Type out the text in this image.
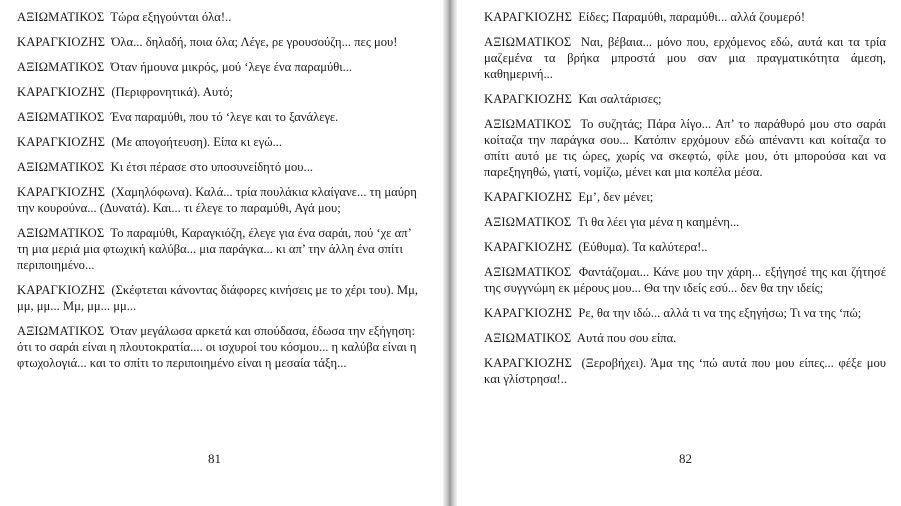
ΑΞΙΩΜΑΤΙΚΟΣ Τώρα εξηγούνται όλα!..

ΚΑΡΑΓΚΙΟΖΗΣ Όλα... δηλαδή, ποια όλα; Λέγε, ρε γρουσούζη... πες μου!

ΑΞΙΩΜΑΤΙΚΟΣ Όταν ήμουνα μικρός, μού ‘λεγε ένα παραμύθι...

ΚΑΡΑΓΚΙΟΖΗΣ (Περιφρονητικά). Αυτό;

ΑΞΙΩΜΑΤΙΚΟΣ Ένα παραμύθι, που τό ‘λεγε και το ξανάλεγε.

ΚΑΡΑΓΚΙΟΖΗΣ (Με απογοήτευση). Είπα κι εγώ...

ΑΞΙΩΜΑΤΙΚΟΣ Κι έτσι πέρασε στο υποσυνείδητό μου...

ΚΑΡΑΓΚΙΟΖΗΣ (Χαμηλόφωνα). Καλά... τρία πουλάκια κλαίγανε... τη μαύρη την κουρούνα... (Δυνατά). Και... τι έλεγε το παραμύθι, Αγά μου;

ΑΞΙΩΜΑΤΙΚΟΣ Το παραμύθι, Καραγκιόζη, έλεγε για ένα σαράι, πού ‘χε απ’ τη μια μεριά μια φτωχική καλύβα... μια παράγκα... κι απ’ την άλλη ένα σπίτι περιποιημένο...

ΚΑΡΑΓΚΙΟΖΗΣ (Σκέφτεται κάνοντας διάφορες κινήσεις με το χέρι του). Μμ, μμ, μμ... Μμ, μμ... μμ...

ΑΞΙΩΜΑΤΙΚΟΣ Όταν μεγάλωσα αρκετά και σπούδασα, έδωσα την εξήγηση: ότι το σαράι είναι η πλουτοκρατία.... οι ισχυροί του κόσμου... η καλύβα είναι η φτωχολογιά... και το σπίτι το περιποιημένο είναι η μεσαία τάξη...

81

ΚΑΡΑΓΚΙΟΖΗΣ Είδες; Παραμύθι, παραμύθι... αλλά ζουμερό!

ΑΞΙΩΜΑΤΙΚΟΣ Ναι, βέβαια... μόνο που, ερχόμενος εδώ, αυτά και τα τρία μαζεμένα τα βρήκα μπροστά μου σαν μια πραγματικότητα άμεση, καθημερινή...

ΚΑΡΑΓΚΙΟΖΗΣ Και σαλτάρισες;

ΑΞΙΩΜΑΤΙΚΟΣ Το συζητάς; Πάρα λίγο... Απ’ το παράθυρό μου στο σαράι κοίταζα την παράγκα σου... Κατόπιν ερχόμουν εδώ απέναντι και κοίταζα το σπίτι αυτό με τις ώρες, χωρίς να σκεφτώ, φίλε μου, ότι μπορούσα και να παρεξηγηθώ, γιατί, νομίζω, μένει και μια κοπέλα μέσα.

ΚΑΡΑΓΚΙΟΖΗΣ Εμ’, δεν μένει;

ΑΞΙΩΜΑΤΙΚΟΣ Τι θα λέει για μένα η καημένη...

ΚΑΡΑΓΚΙΟΖΗΣ (Εύθυμα). Τα καλύτερα!..

ΑΞΙΩΜΑΤΙΚΟΣ Φαντάζομαι... Κάνε μου την χάρη... εξήγησέ της και ζήτησέ της συγγνώμη εκ μέρους μου... Θα την ιδείς εσύ... δεν θα την ιδείς;

ΚΑΡΑΓΚΙΟΖΗΣ Ρε, θα την ιδώ... αλλά τι να της εξηγήσω; Τι να της ‘πώ;

ΑΞΙΩΜΑΤΙΚΟΣ Αυτά που σου είπα.

ΚΑΡΑΓΚΙΟΖΗΣ (Ξεροβήχει). Άμα της ‘πώ αυτά που μου είπες... φέξε μου και γλίστρησα!..

82
